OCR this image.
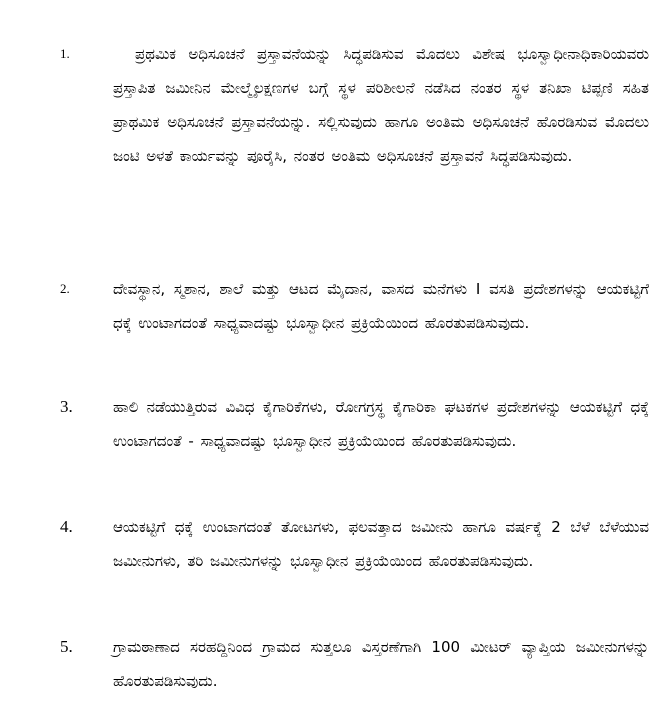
1.	ಪ್ರಥಮಿಕ ಅಧಿಸೂಚನೆ ಪ್ರಸ್ತಾವನೆಯನ್ನು ಸಿದ್ಧಪಡಿಸುವ ಮೊದಲು ವಿಶೇಷ ಭೂಸ್ವಾಧೀನಾಧಿಕಾರಿಯವರು ಪ್ರಸ್ತಾಪಿತ ಜಮೀನಿನ ಮೇಲ್ಮೈಲಕ್ಷಣಗಳ ಬಗ್ಗೆ ಸ್ಥಳ ಪರಿಶೀಲನೆ ನಡೆಸಿದ ನಂತರ ಸ್ಥಳ ತನಿಖಾ ಟಿಪ್ಪಣಿ ಸಹಿತ ಪ್ರಾಥಮಿಕ ಅಧಿಸೂಚನೆ ಪ್ರಸ್ತಾವನೆಯನ್ನು. ಸಲ್ಲಿಸುವುದು ಹಾಗೂ ಅಂತಿಮ ಅಧಿಸೂಚನೆ ಹೊರಡಿಸುವ ಮೊದಲು ಜಂಟಿ ಅಳತೆ ಕಾರ್ಯವನ್ನು ಪೂರೈಸಿ, ನಂತರ ಅಂತಿಮ ಅಧಿಸೂಚನೆ ಪ್ರಸ್ತಾವನೆ ಸಿದ್ಧಪಡಿಸುವುದು.
2.	ದೇವಸ್ಥಾನ, ಸ್ಮಶಾನ, ಶಾಲೆ ಮತ್ತು ಆಟದ ಮೈದಾನ, ವಾಸದ ಮನೆಗಳು I ವಸತಿ ಪ್ರದೇಶಗಳನ್ನು ಆಯಕಟ್ಟಿಗೆ ಧಕ್ಕೆ ಉಂಟಾಗದಂತೆ ಸಾಧ್ಯವಾದಷ್ಟು ಭೂಸ್ವಾಧೀನ ಪ್ರಕ್ರಿಯೆಯಿಂದ ಹೊರತುಪಡಿಸುವುದು.
3.	ಹಾಲಿ ನಡೆಯುತ್ತಿರುವ ವಿವಿಧ ಕೈಗಾರಿಕೆಗಳು, ರೋಗಗ್ರಸ್ಥ ಕೈಗಾರಿಕಾ ಘಟಕಗಳ ಪ್ರದೇಶಗಳನ್ನು ಆಯಕಟ್ಟಿಗೆ ಧಕ್ಕೆ ಉಂಟಾಗದಂತೆ - ಸಾಧ್ಯವಾದಷ್ಟು ಭೂಸ್ವಾಧೀನ ಪ್ರಕ್ರಿಯೆಯಿಂದ ಹೊರತುಪಡಿಸುವುದು.
4.	ಆಯಕಟ್ಟಿಗೆ ಧಕ್ಕೆ ಉಂಟಾಗದಂತೆ ತೋಟಗಳು, ಫಲವತ್ತಾದ ಜಮೀನು ಹಾಗೂ ವರ್ಷಕ್ಕೆ 2 ಬೆಳೆ ಬೆಳೆಯುವ ಜಮೀನುಗಳು, ತರಿ ಜಮೀನುಗಳನ್ನು ಭೂಸ್ವಾಧೀನ ಪ್ರಕ್ರಿಯೆಯಿಂದ ಹೊರತುಪಡಿಸುವುದು.
5.	ಗ್ರಾಮಠಾಣಾದ ಸರಹದ್ದಿನಿಂದ ಗ್ರಾಮದ ಸುತ್ತಲೂ ವಿಸ್ತರಣೆಗಾಗಿ 100 ಮೀಟರ್ ವ್ಯಾಪ್ತಿಯ ಜಮೀನುಗಳನ್ನು ಹೊರತುಪಡಿಸುವುದು.
